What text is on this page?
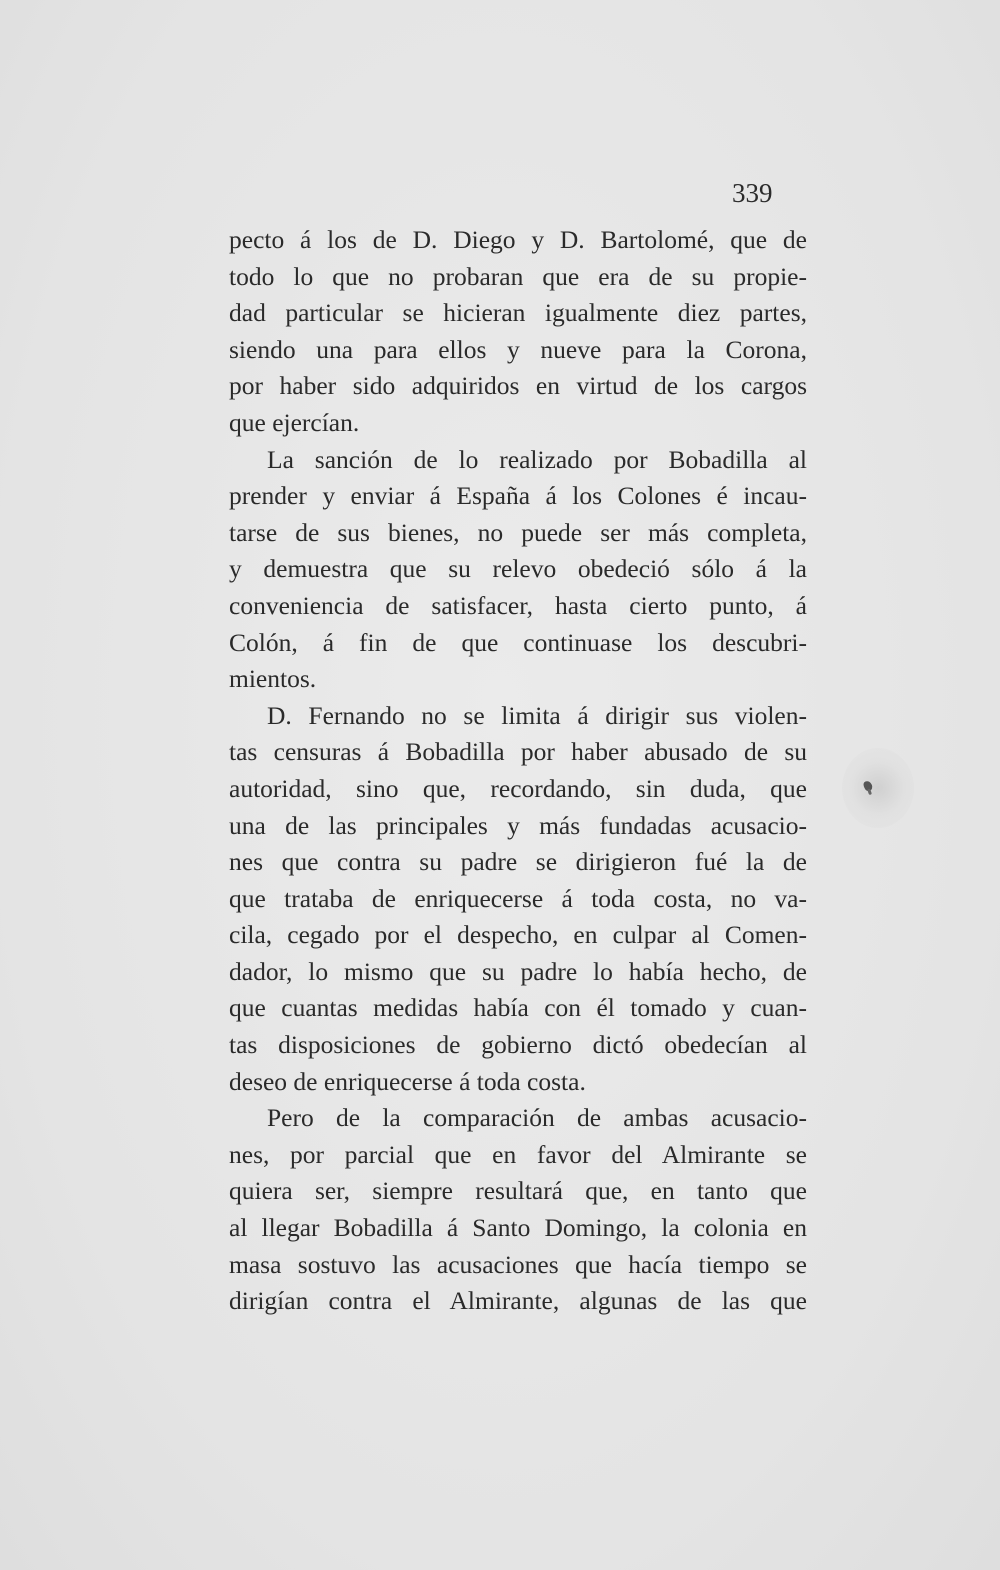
339
pecto á los de D. Diego y D. Bartolomé, que de
todo lo que no probaran que era de su propie-
dad particular se hicieran igualmente diez partes,
siendo una para ellos y nueve para la Corona,
por haber sido adquiridos en virtud de los cargos
que ejercían.
La sanción de lo realizado por Bobadilla al
prender y enviar á España á los Colones é incau-
tarse de sus bienes, no puede ser más completa,
y demuestra que su relevo obedeció sólo á la
conveniencia de satisfacer, hasta cierto punto, á
Colón, á fin de que continuase los descubri-
mientos.
D. Fernando no se limita á dirigir sus violen-
tas censuras á Bobadilla por haber abusado de su
autoridad, sino que, recordando, sin duda, que
una de las principales y más fundadas acusacio-
nes que contra su padre se dirigieron fué la de
que trataba de enriquecerse á toda costa, no va-
cila, cegado por el despecho, en culpar al Comen-
dador, lo mismo que su padre lo había hecho, de
que cuantas medidas había con él tomado y cuan-
tas disposiciones de gobierno dictó obedecían al
deseo de enriquecerse á toda costa.
Pero de la comparación de ambas acusacio-
nes, por parcial que en favor del Almirante se
quiera ser, siempre resultará que, en tanto que
al llegar Bobadilla á Santo Domingo, la colonia en
masa sostuvo las acusaciones que hacía tiempo se
dirigían contra el Almirante, algunas de las que
